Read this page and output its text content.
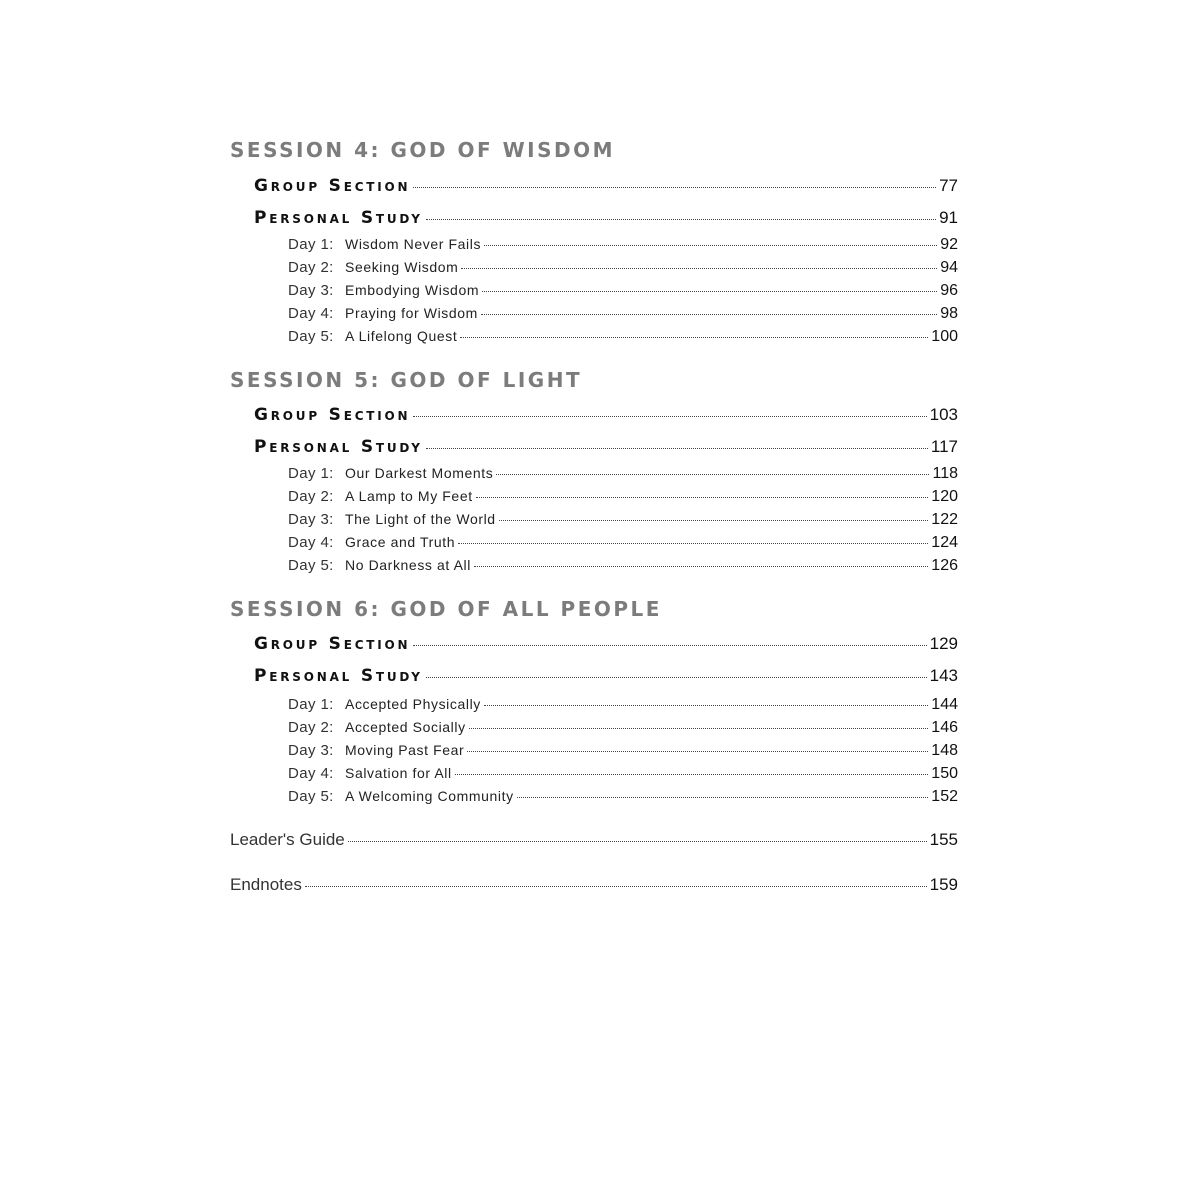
SESSION 4: GOD OF WISDOM
Group Section	77
Personal Study	91
Day 1: Wisdom Never Fails	92
Day 2: Seeking Wisdom	94
Day 3: Embodying Wisdom	96
Day 4: Praying for Wisdom	98
Day 5: A Lifelong Quest	100
SESSION 5: GOD OF LIGHT
Group Section	103
Personal Study	117
Day 1: Our Darkest Moments	118
Day 2: A Lamp to My Feet	120
Day 3: The Light of the World	122
Day 4: Grace and Truth	124
Day 5: No Darkness at All	126
SESSION 6: GOD OF ALL PEOPLE
Group Section	129
Personal Study	143
Day 1: Accepted Physically	144
Day 2: Accepted Socially	146
Day 3: Moving Past Fear	148
Day 4: Salvation for All	150
Day 5: A Welcoming Community	152
Leader's Guide	155
Endnotes	159
